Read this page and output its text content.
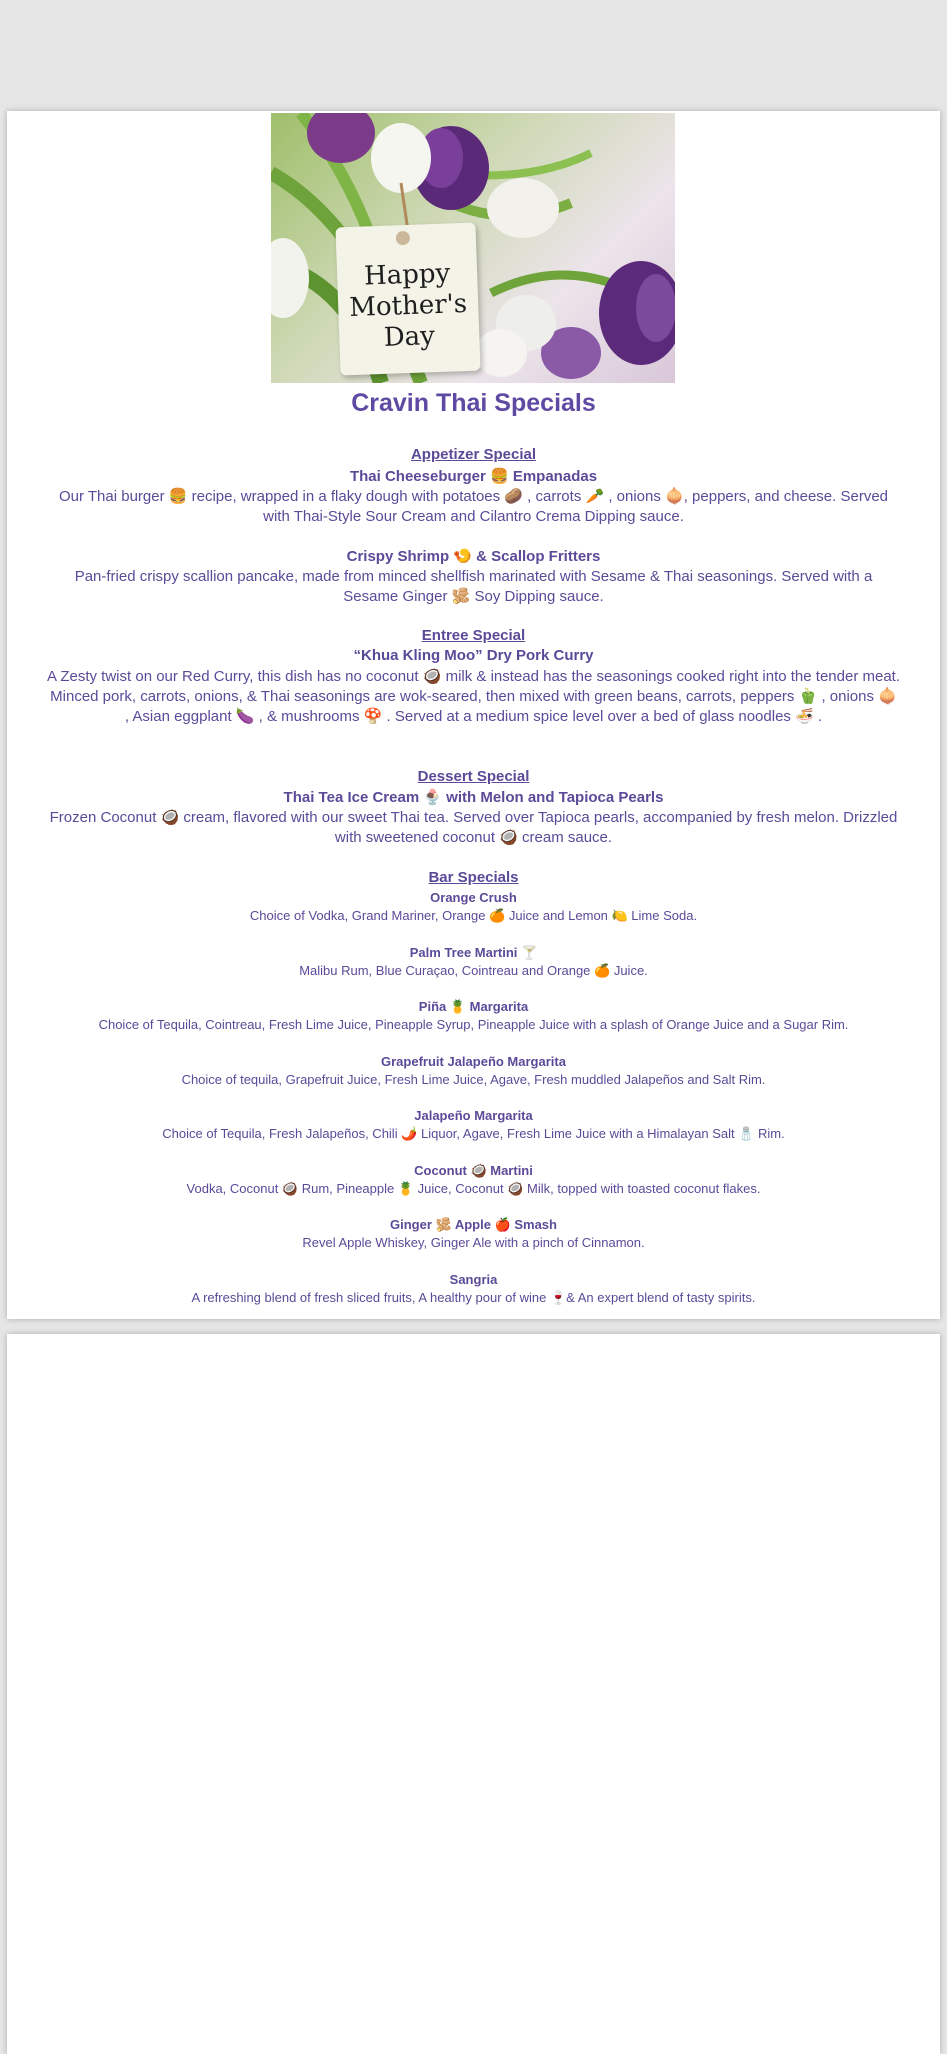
Happy
Mother's
Day
Cravin Thai Specials
Appetizer Special
Thai Cheeseburger 🍔 Empanadas
Our Thai burger 🍔 recipe, wrapped in a flaky dough with potatoes 🥔 , carrots 🥕 , onions 🧅, peppers, and cheese. Served with Thai-Style Sour Cream and Cilantro Crema Dipping sauce.
Crispy Shrimp 🍤 & Scallop Fritters
Pan-fried crispy scallion pancake, made from minced shellfish marinated with Sesame & Thai seasonings. Served with a Sesame Ginger 🫚 Soy Dipping sauce.
Entree Special
“Khua Kling Moo” Dry Pork Curry
A Zesty twist on our Red Curry, this dish has no coconut 🥥 milk & instead has the seasonings cooked right into the tender meat. Minced pork, carrots, onions, & Thai seasonings are wok-seared, then mixed with green beans, carrots, peppers 🫑 , onions 🧅 , Asian eggplant 🍆 , & mushrooms 🍄 . Served at a medium spice level over a bed of glass noodles 🍜 .
Dessert Special
Thai Tea Ice Cream 🍨 with Melon and Tapioca Pearls
Frozen Coconut 🥥 cream, flavored with our sweet Thai tea. Served over Tapioca pearls, accompanied by fresh melon. Drizzled with sweetened coconut 🥥 cream sauce.
Bar Specials
Orange Crush
Choice of Vodka, Grand Mariner, Orange 🍊 Juice and Lemon 🍋 Lime Soda.
Palm Tree Martini 🍸
Malibu Rum, Blue Curaçao, Cointreau and Orange 🍊 Juice.
Piña 🍍 Margarita
Choice of Tequila, Cointreau, Fresh Lime Juice, Pineapple Syrup, Pineapple Juice with a splash of Orange Juice and a Sugar Rim.
Grapefruit Jalapeño Margarita
Choice of tequila, Grapefruit Juice, Fresh Lime Juice, Agave, Fresh muddled Jalapeños and Salt Rim.
Jalapeño Margarita
Choice of Tequila, Fresh Jalapeños, Chili 🌶️ Liquor, Agave, Fresh Lime Juice with a Himalayan Salt 🧂 Rim.
Coconut 🥥 Martini
Vodka, Coconut 🥥 Rum, Pineapple 🍍 Juice, Coconut 🥥 Milk, topped with toasted coconut flakes.
Ginger 🫚 Apple 🍎 Smash
Revel Apple Whiskey, Ginger Ale with a pinch of Cinnamon.
Sangria
A refreshing blend of fresh sliced fruits, A healthy pour of wine 🍷& An expert blend of tasty spirits.
